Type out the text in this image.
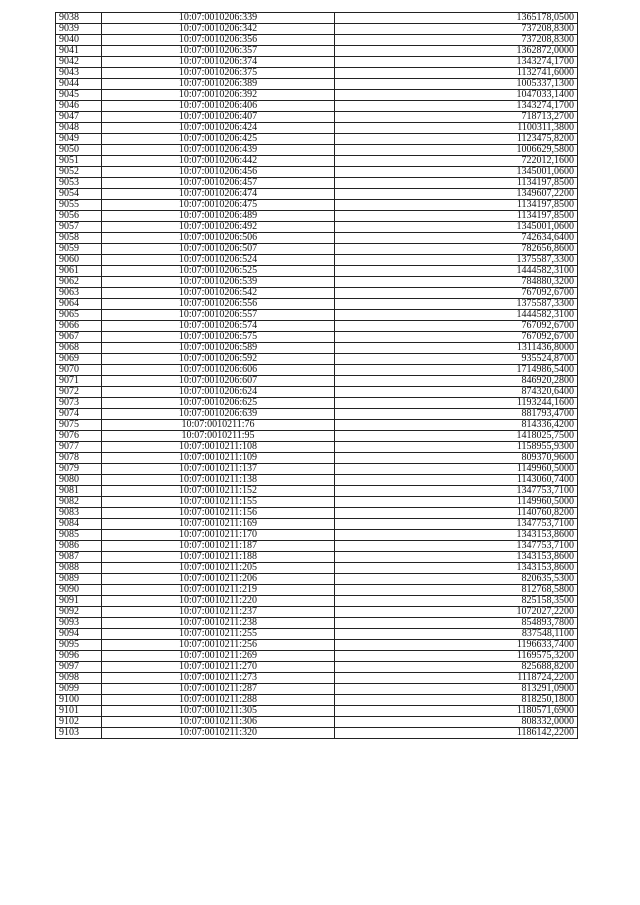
9038	10:07:0010206:339	1365178,0500
9039	10:07:0010206:342	737208,8300
9040	10:07:0010206:356	737208,8300
9041	10:07:0010206:357	1362872,0000
9042	10:07:0010206:374	1343274,1700
9043	10:07:0010206:375	1132741,6000
9044	10:07:0010206:389	1005337,1300
9045	10:07:0010206:392	1047033,1400
9046	10:07:0010206:406	1343274,1700
9047	10:07:0010206:407	718713,2700
9048	10:07:0010206:424	1100311,3800
9049	10:07:0010206:425	1123475,8200
9050	10:07:0010206:439	1006629,5800
9051	10:07:0010206:442	722012,1600
9052	10:07:0010206:456	1345001,0600
9053	10:07:0010206:457	1134197,8500
9054	10:07:0010206:474	1349607,2200
9055	10:07:0010206:475	1134197,8500
9056	10:07:0010206:489	1134197,8500
9057	10:07:0010206:492	1345001,0600
9058	10:07:0010206:506	742634,6400
9059	10:07:0010206:507	782656,8600
9060	10:07:0010206:524	1375587,3300
9061	10:07:0010206:525	1444582,3100
9062	10:07:0010206:539	784880,3200
9063	10:07:0010206:542	767092,6700
9064	10:07:0010206:556	1375587,3300
9065	10:07:0010206:557	1444582,3100
9066	10:07:0010206:574	767092,6700
9067	10:07:0010206:575	767092,6700
9068	10:07:0010206:589	1311436,8000
9069	10:07:0010206:592	935524,8700
9070	10:07:0010206:606	1714986,5400
9071	10:07:0010206:607	846920,2800
9072	10:07:0010206:624	874320,6400
9073	10:07:0010206:625	1193244,1600
9074	10:07:0010206:639	881793,4700
9075	10:07:0010211:76	814336,4200
9076	10:07:0010211:95	1418025,7500
9077	10:07:0010211:108	1158955,9300
9078	10:07:0010211:109	809370,9600
9079	10:07:0010211:137	1149960,5000
9080	10:07:0010211:138	1143060,7400
9081	10:07:0010211:152	1347753,7100
9082	10:07:0010211:155	1149960,5000
9083	10:07:0010211:156	1140760,8200
9084	10:07:0010211:169	1347753,7100
9085	10:07:0010211:170	1343153,8600
9086	10:07:0010211:187	1347753,7100
9087	10:07:0010211:188	1343153,8600
9088	10:07:0010211:205	1343153,8600
9089	10:07:0010211:206	820635,5300
9090	10:07:0010211:219	812768,5800
9091	10:07:0010211:220	825158,3500
9092	10:07:0010211:237	1072027,2200
9093	10:07:0010211:238	854893,7800
9094	10:07:0010211:255	837548,1100
9095	10:07:0010211:256	1196633,7400
9096	10:07:0010211:269	1169575,3200
9097	10:07:0010211:270	825688,8200
9098	10:07:0010211:273	1118724,2200
9099	10:07:0010211:287	813291,0900
9100	10:07:0010211:288	818250,1800
9101	10:07:0010211:305	1180571,6900
9102	10:07:0010211:306	808332,0000
9103	10:07:0010211:320	1186142,2200
